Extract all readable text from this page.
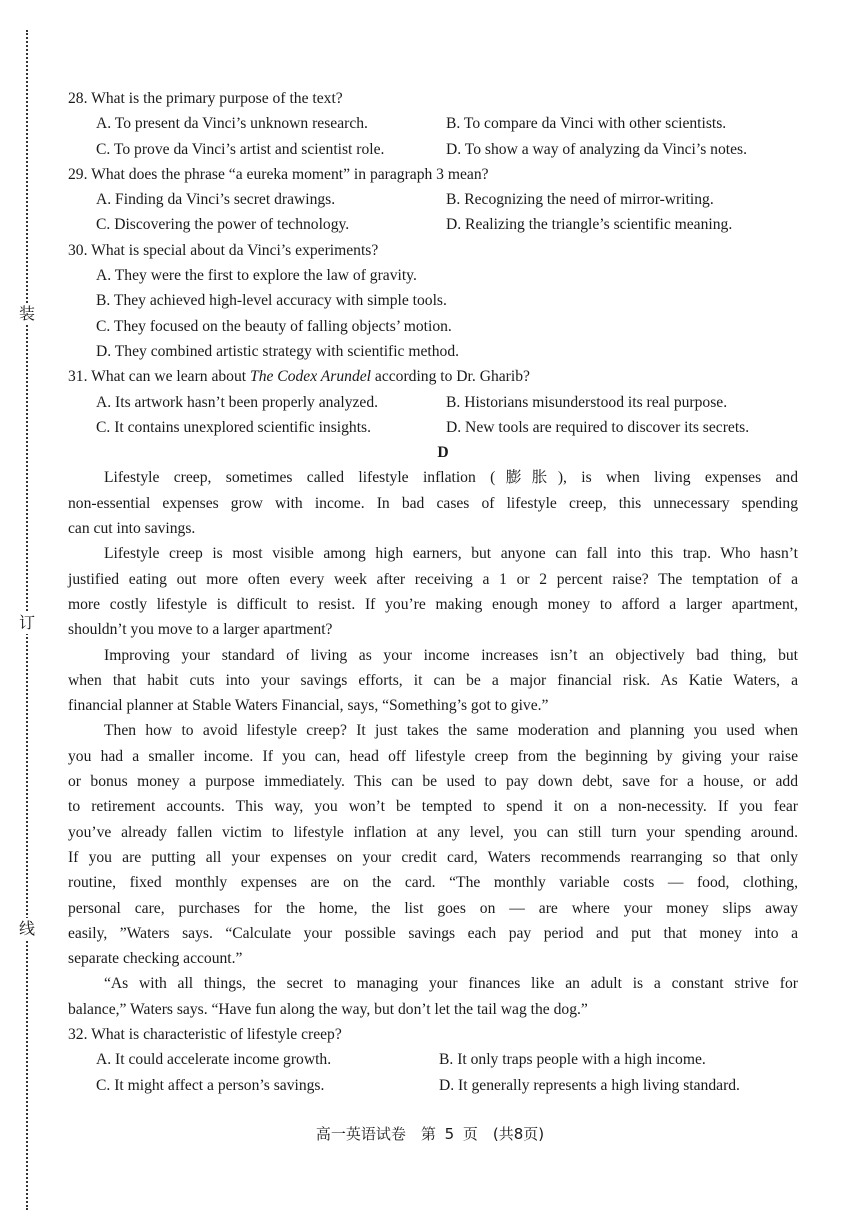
装
订
线
28. What is the primary purpose of the text?
A. To present da Vinci’s unknown research.	B. To compare da Vinci with other scientists.
C. To prove da Vinci’s artist and scientist role.	D. To show a way of analyzing da Vinci’s notes.
29. What does the phrase “a eureka moment” in paragraph 3 mean?
A. Finding da Vinci’s secret drawings.	B. Recognizing the need of mirror-writing.
C. Discovering the power of technology.	D. Realizing the triangle’s scientific meaning.
30. What is special about da Vinci’s experiments?
A. They were the first to explore the law of gravity.
B. They achieved high-level accuracy with simple tools.
C. They focused on the beauty of falling objects’ motion.
D. They combined artistic strategy with scientific method.
31. What can we learn about The Codex Arundel according to Dr. Gharib?
A. Its artwork hasn’t been properly analyzed.	B. Historians misunderstood its real purpose.
C. It contains unexplored scientific insights.	D. New tools are required to discover its secrets.
D
Lifestyle creep, sometimes called lifestyle inflation (膨胀), is when living expenses and
non-essential expenses grow with income. In bad cases of lifestyle creep, this unnecessary spending
can cut into savings.
Lifestyle creep is most visible among high earners, but anyone can fall into this trap. Who hasn’t
justified eating out more often every week after receiving a 1 or 2 percent raise? The temptation of a
more costly lifestyle is difficult to resist. If you’re making enough money to afford a larger apartment,
shouldn’t you move to a larger apartment?
Improving your standard of living as your income increases isn’t an objectively bad thing, but
when that habit cuts into your savings efforts, it can be a major financial risk. As Katie Waters, a
financial planner at Stable Waters Financial, says, “Something’s got to give.”
Then how to avoid lifestyle creep? It just takes the same moderation and planning you used when
you had a smaller income. If you can, head off lifestyle creep from the beginning by giving your raise
or bonus money a purpose immediately. This can be used to pay down debt, save for a house, or add
to retirement accounts. This way, you won’t be tempted to spend it on a non-necessity. If you fear
you’ve already fallen victim to lifestyle inflation at any level, you can still turn your spending around.
If you are putting all your expenses on your credit card, Waters recommends rearranging so that only
routine, fixed monthly expenses are on the card. “The monthly variable costs — food, clothing,
personal care, purchases for the home, the list goes on — are where your money slips away
easily, ”Waters says. “Calculate your possible savings each pay period and put that money into a
separate checking account.”
“As with all things, the secret to managing your finances like an adult is a constant strive for
balance,” Waters says. “Have fun along the way, but don’t let the tail wag the dog.”
32. What is characteristic of lifestyle creep?
A. It could accelerate income growth.	B. It only traps people with a high income.
C. It might affect a person’s savings.	D. It generally represents a high living standard.
高一英语试卷　第 5 页　(共8页)
